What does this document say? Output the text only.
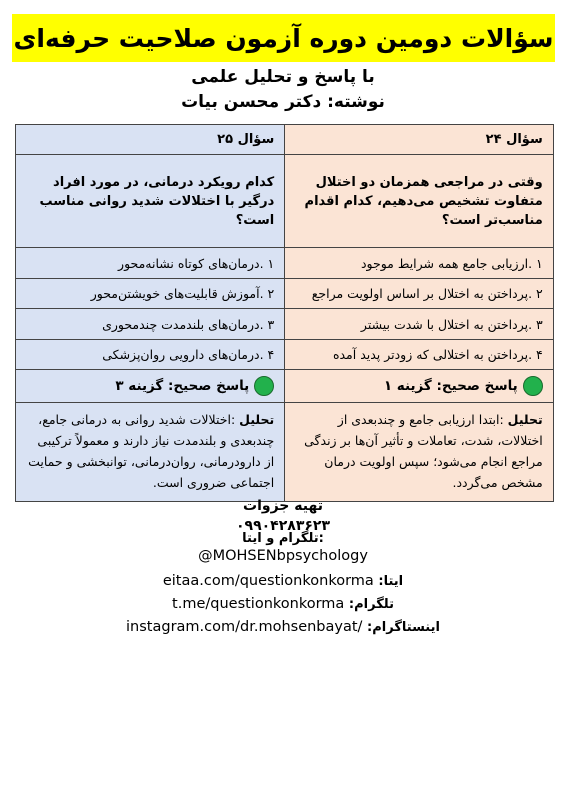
سؤالات دومین دوره آزمون صلاحیت حرفه‌ای
با پاسخ و تحلیل علمی
نوشته: دکتر محسن بیات
سؤال ۲۴
سؤال ۲۵
وقتی در مراجعی همزمان دو اختلال متفاوت تشخیص می‌دهیم، کدام اقدام مناسب‌تر است؟
کدام رویکرد درمانی، در مورد افراد درگیر با اختلالات شدید روانی مناسب است؟
۱ .ارزیابی جامع همه شرایط موجود
۱ .درمان‌های کوتاه نشانه‌محور
۲ .پرداختن به اختلال بر اساس اولویت مراجع
۲ .آموزش قابلیت‌های خویشتن‌محور
۳ .پرداختن به اختلال با شدت بیشتر
۳ .درمان‌های بلندمدت چندمحوری
۴ .پرداختن به اختلالی که زودتر پدید آمده
۴ .درمان‌های دارویی روان‌پزشکی
پاسخ صحیح: گزینه ۱
پاسخ صحیح: گزینه ۳
تحلیل :ابتدا ارزیابی جامع و چندبعدی از اختلالات، شدت، تعاملات و تأثیر آن‌ها بر زندگی مراجع انجام می‌شود؛ سپس اولویت درمان مشخص می‌گردد.
تحلیل :اختلالات شدید روانی به درمانی جامع، چندبعدی و بلندمدت نیاز دارند و معمولاً ترکیبی از دارودرمانی، روان‌درمانی، توانبخشی و حمایت اجتماعی ضروری است.
تهیه جزوات
۰۹۹۰۴۲۸۳۶۲۳
:تلگرام و ایتا
@MOHSENbpsychology
eitaa.com/questionkonkorma :ایتا
t.me/questionkonkorma :تلگرام
instagram.com/dr.mohsenbayat/ :اینستاگرام
